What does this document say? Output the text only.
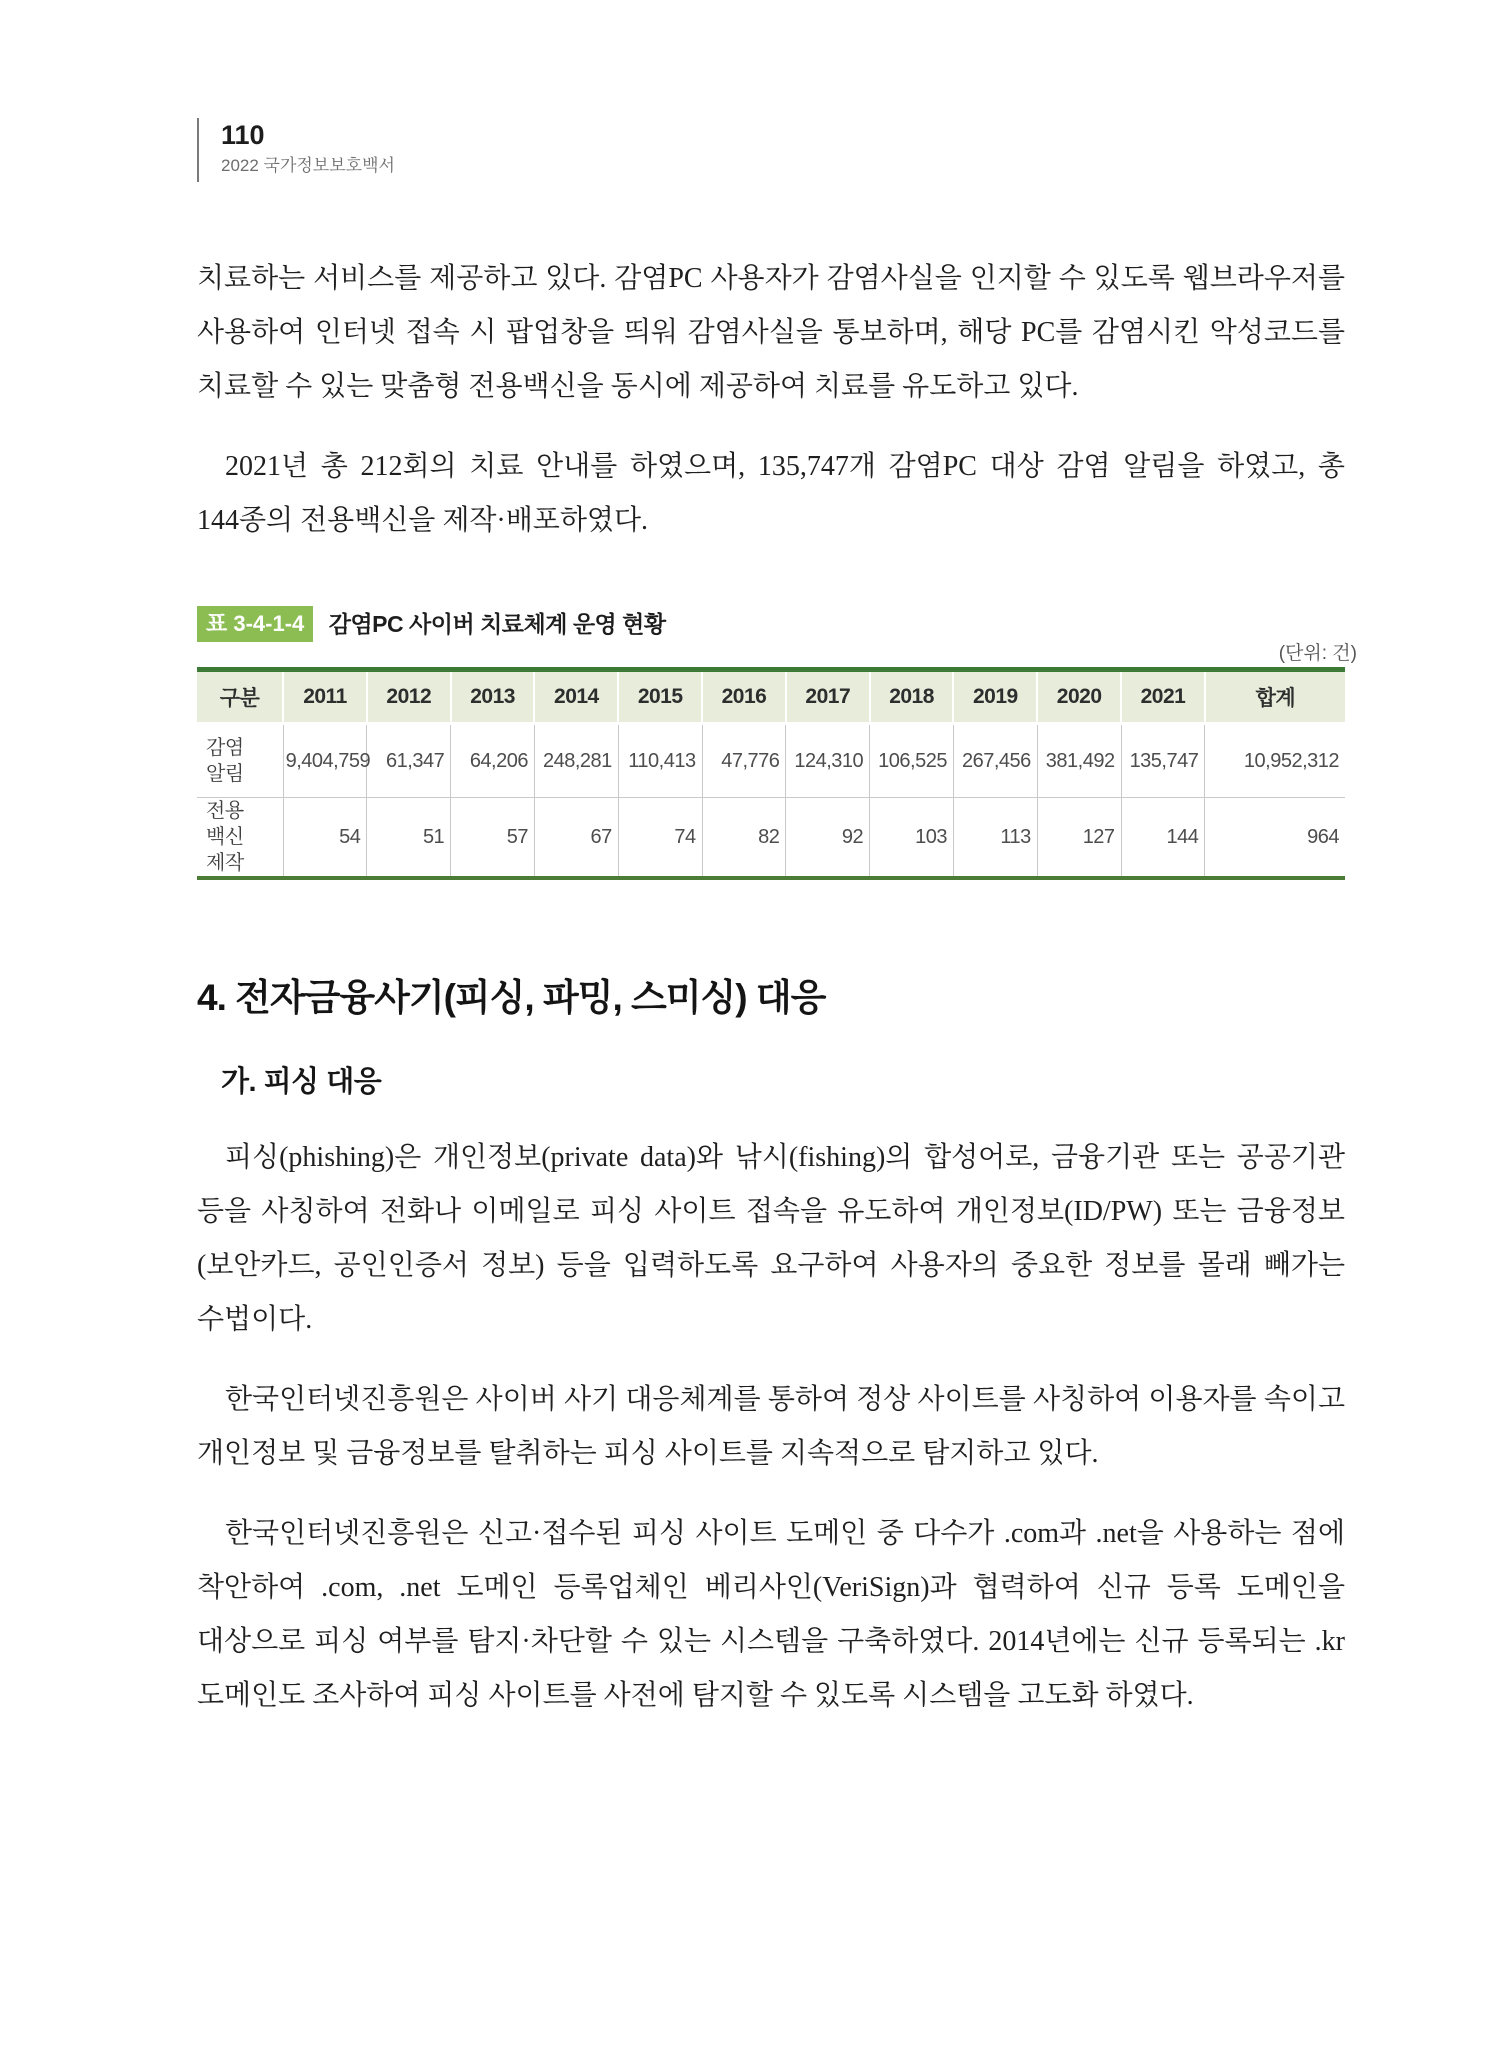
110
2022 국가정보보호백서

치료하는 서비스를 제공하고 있다. 감염PC 사용자가 감염사실을 인지할 수 있도록 웹브라우저를 사용하여 인터넷 접속 시 팝업창을 띄워 감염사실을 통보하며, 해당 PC를 감염시킨 악성코드를 치료할 수 있는 맞춤형 전용백신을 동시에 제공하여 치료를 유도하고 있다.

2021년 총 212회의 치료 안내를 하였으며, 135,747개 감염PC 대상 감염 알림을 하였고, 총 144종의 전용백신을 제작·배포하였다.

표 3-4-1-4 감염PC 사이버 치료체계 운영 현황
(단위: 건)
구분	2011	2012	2013	2014	2015	2016	2017	2018	2019	2020	2021	합계
감염 알림	9,404,759	61,347	64,206	248,281	110,413	47,776	124,310	106,525	267,456	381,492	135,747	10,952,312
전용 백신 제작	54	51	57	67	74	82	92	103	113	127	144	964
4. 전자금융사기(피싱, 파밍, 스미싱) 대응
가. 피싱 대응

피싱(phishing)은 개인정보(private data)와 낚시(fishing)의 합성어로, 금융기관 또는 공공기관 등을 사칭하여 전화나 이메일로 피싱 사이트 접속을 유도하여 개인정보(ID/PW) 또는 금융정보(보안카드, 공인인증서 정보) 등을 입력하도록 요구하여 사용자의 중요한 정보를 몰래 빼가는 수법이다.

한국인터넷진흥원은 사이버 사기 대응체계를 통하여 정상 사이트를 사칭하여 이용자를 속이고 개인정보 및 금융정보를 탈취하는 피싱 사이트를 지속적으로 탐지하고 있다.

한국인터넷진흥원은 신고·접수된 피싱 사이트 도메인 중 다수가 .com과 .net을 사용하는 점에 착안하여 .com, .net 도메인 등록업체인 베리사인(VeriSign)과 협력하여 신규 등록 도메인을 대상으로 피싱 여부를 탐지·차단할 수 있는 시스템을 구축하였다. 2014년에는 신규 등록되는 .kr 도메인도 조사하여 피싱 사이트를 사전에 탐지할 수 있도록 시스템을 고도화 하였다.
